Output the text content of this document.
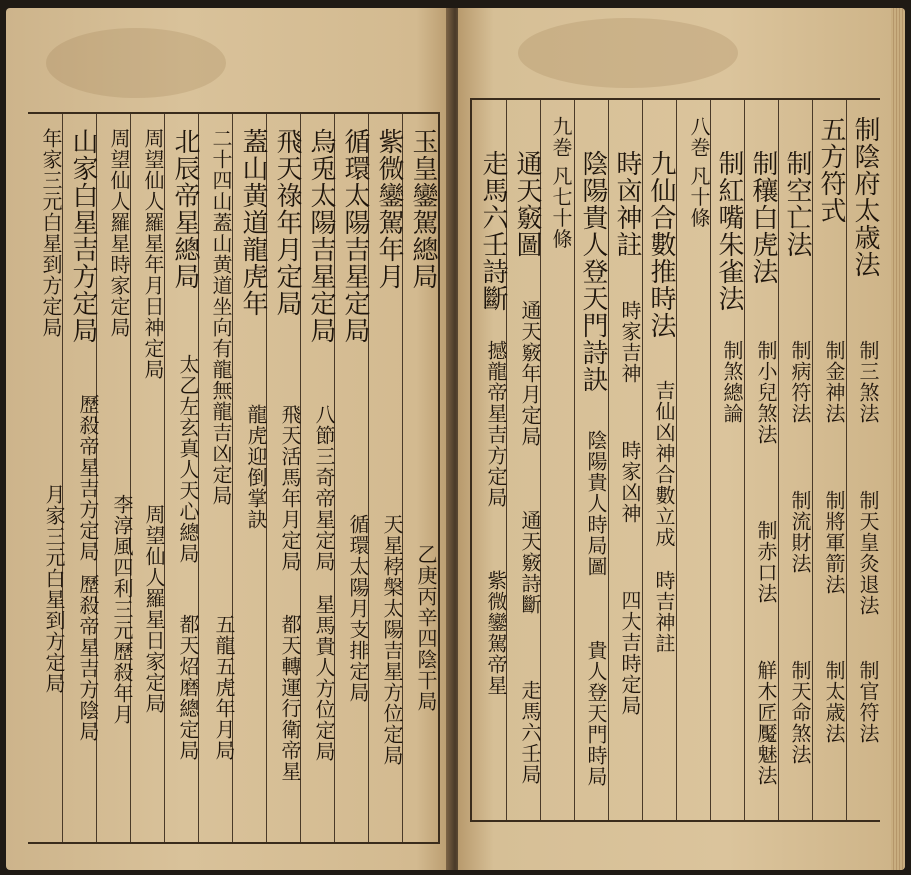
玉皇鑾駕總局
紫微鑾駕年月
循環太陽吉星定局
烏兎太陽吉星定局
飛天祿年月定局
蓋山黄道龍虎年
二十四山蓋山黄道坐向有龍無龍吉凶定局
北辰帝星總局
周望仙人羅星年月日神定局
周望仙人羅星時家定局
山家白星吉方定局
年家三元白星到方定局
乙庚丙辛四陰干局
天星桲槃太陽吉星方位定局
循環太陽月支排定局
八節三奇帝星定局
星馬貴人方位定局
飛天活馬年月定局
都天轉運行衛帝星
龍虎迎倒掌訣
太乙左玄真人天心總局
五龍五虎年月局
周望仙人羅星日家定局 都天炤磨總定局
李淳風四利三元歷殺年月
歷殺帝星吉方定局
歷殺帝星吉方陰局
月家三元白星到方定局
制陰府太歳法
五方符式
制空亡法
制穰白虎法
制紅嘴朱雀法
八巻 凡十條
九仙合數推時法
時㐫神註
陰陽貴人登天門詩訣
九巻 凡七十條
通天竅圖
走馬六壬詩斷
制三煞法
制金神法
制病符法
制小兒煞法
制煞總論
制天皇灸退法
制將軍箭法
制流財法
制赤口法
制官符法
制太歳法
制天命煞法
觧木匠魘魅法
吉仙凶神合數立成
時家吉神
時家凶神
時吉神註
四大吉時定局
陰陽貴人時局圖
貴人登天門時局
通天竅年月定局
通天竅詩斷
走馬六壬局
撼龍帝星吉方定局
紫微鑾駕帝星
